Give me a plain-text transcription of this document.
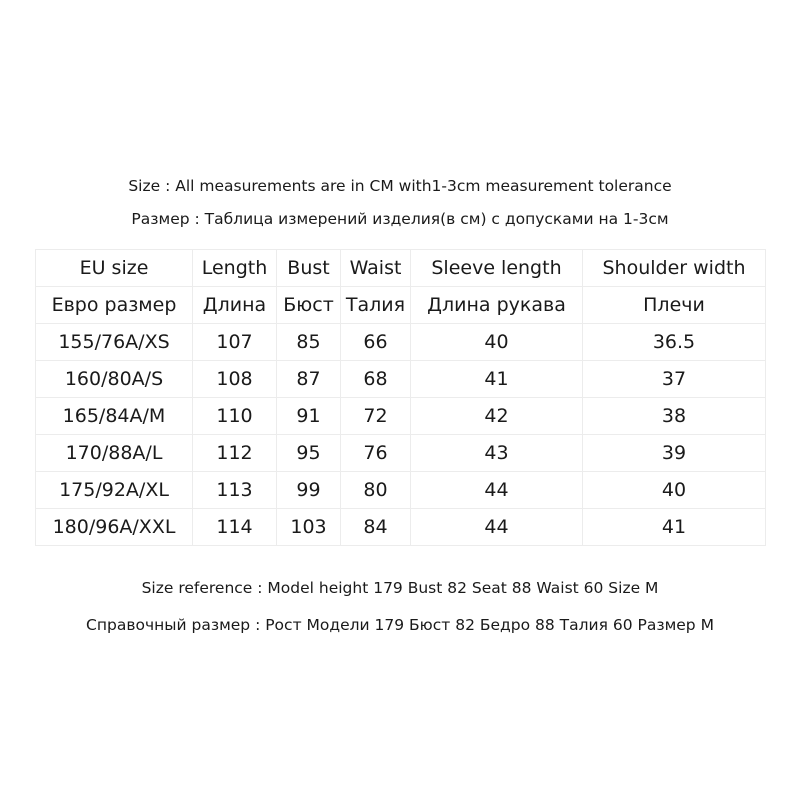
Size : All measurements are in CM with1-3cm measurement tolerance
Размер : Таблица измерений изделия(в см) с допусками на 1-3см
EU size	Length	Bust	Waist	Sleeve length	Shoulder width
Евро размер	Длина	Бюст	Талия	Длина рукава	Плечи
155/76A/XS	107	85	66	40	36.5
160/80A/S	108	87	68	41	37
165/84A/M	110	91	72	42	38
170/88A/L	112	95	76	43	39
175/92A/XL	113	99	80	44	40
180/96A/XXL	114	103	84	44	41
Size reference : Model height 179 Bust 82 Seat 88 Waist 60 Size M
Справочный размер : Рост Модели 179 Бюст 82 Бедро 88 Талия 60 Размер M
